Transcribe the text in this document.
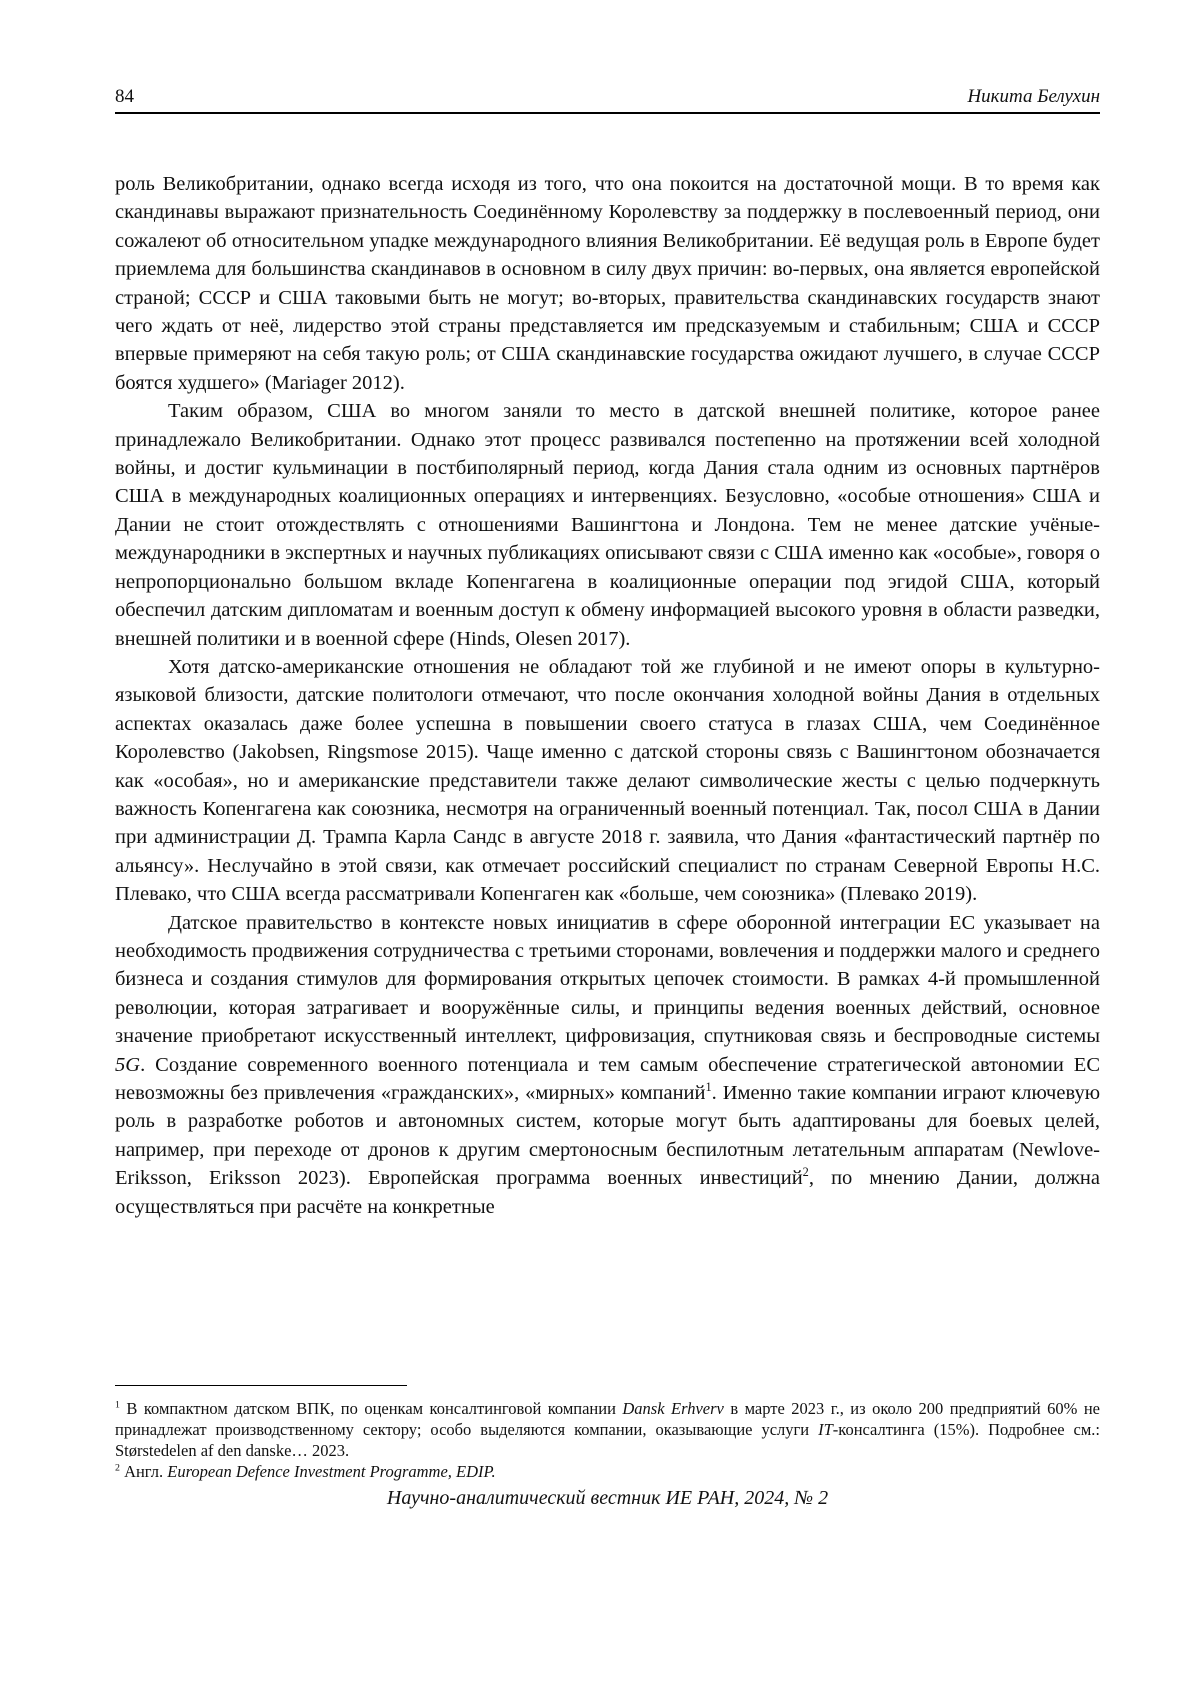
84	Никита Белухин

роль Великобритании, однако всегда исходя из того, что она покоится на достаточной мощи. В то время как скандинавы выражают признательность Соединённому Королевству за поддержку в послевоенный период, они сожалеют об относительном упадке международного влияния Великобритании. Её ведущая роль в Европе будет приемлема для большинства скандинавов в основном в силу двух причин: во-первых, она является европейской страной; СССР и США таковыми быть не могут; во-вторых, правительства скандинавских государств знают чего ждать от неё, лидерство этой страны представляется им предсказуемым и стабильным; США и СССР впервые примеряют на себя такую роль; от США скандинавские государства ожидают лучшего, в случае СССР боятся худшего» (Mariager 2012).

Таким образом, США во многом заняли то место в датской внешней политике, которое ранее принадлежало Великобритании. Однако этот процесс развивался постепенно на протяжении всей холодной войны, и достиг кульминации в постбиполярный период, когда Дания стала одним из основных партнёров США в международных коалиционных операциях и интервенциях. Безусловно, «особые отношения» США и Дании не стоит отождествлять с отношениями Вашингтона и Лондона. Тем не менее датские учёные-международники в экспертных и научных публикациях описывают связи с США именно как «особые», говоря о непропорционально большом вкладе Копенгагена в коалиционные операции под эгидой США, который обеспечил датским дипломатам и военным доступ к обмену информацией высокого уровня в области разведки, внешней политики и в военной сфере (Hinds, Olesen 2017).

Хотя датско-американские отношения не обладают той же глубиной и не имеют опоры в культурно-языковой близости, датские политологи отмечают, что после окончания холодной войны Дания в отдельных аспектах оказалась даже более успешна в повышении своего статуса в глазах США, чем Соединённое Королевство (Jakobsen, Ringsmose 2015). Чаще именно с датской стороны связь с Вашингтоном обозначается как «особая», но и американские представители также делают символические жесты с целью подчеркнуть важность Копенгагена как союзника, несмотря на ограниченный военный потенциал. Так, посол США в Дании при администрации Д. Трампа Карла Сандс в августе 2018 г. заявила, что Дания «фантастический партнёр по альянсу». Неслучайно в этой связи, как отмечает российский специалист по странам Северной Европы Н.С. Плевако, что США всегда рассматривали Копенгаген как «больше, чем союзника» (Плевако 2019).

Датское правительство в контексте новых инициатив в сфере оборонной интеграции ЕС указывает на необходимость продвижения сотрудничества с третьими сторонами, вовлечения и поддержки малого и среднего бизнеса и создания стимулов для формирования открытых цепочек стоимости. В рамках 4-й промышленной революции, которая затрагивает и вооружённые силы, и принципы ведения военных действий, основное значение приобретают искусственный интеллект, цифровизация, спутниковая связь и беспроводные системы 5G. Создание современного военного потенциала и тем самым обеспечение стратегической автономии ЕС невозможны без привлечения «гражданских», «мирных» компаний$^1$. Именно такие компании играют ключевую роль в разработке роботов и автономных систем, которые могут быть адаптированы для боевых целей, например, при переходе от дронов к другим смертоносным беспилотным летательным аппаратам (Newlove-Eriksson, Eriksson 2023). Европейская программа военных инвестиций$^2$, по мнению Дании, должна осуществляться при расчёте на конкретные

$^1$ В компактном датском ВПК, по оценкам консалтинговой компании Dansk Erhverv в марте 2023 г., из около 200 предприятий 60% не принадлежат производственному сектору; особо выделяются компании, оказывающие услуги IT-консалтинга (15%). Подробнее см.: Størstedelen af den danske… 2023.

$^2$ Англ. European Defence Investment Programme, EDIP.

Научно-аналитический вестник ИЕ РАН, 2024, № 2
